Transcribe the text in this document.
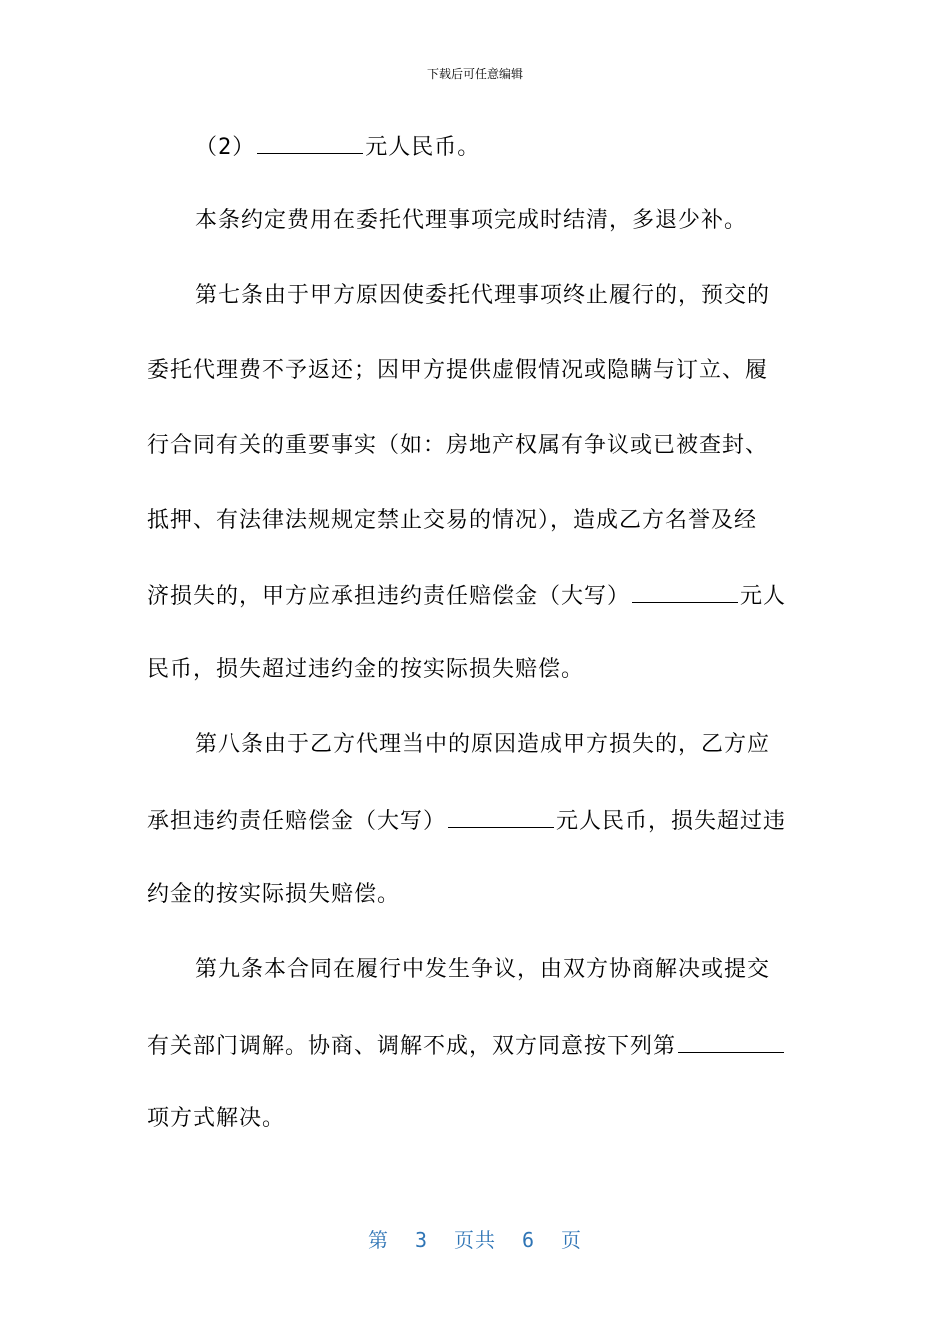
下载后可任意编辑
（2）	元人民币。
本条约定费用在委托代理事项完成时结清，多退少补。
第七条由于甲方原因使委托代理事项终止履行的，预交的
委托代理费不予返还；因甲方提供虚假情况或隐瞒与订立、履
行合同有关的重要事实（如：房地产权属有争议或已被查封、
抵押、有法律法规规定禁止交易的情况），造成乙方名誉及经
济损失的，甲方应承担违约责任赔偿金（大写）	元人
民币，损失超过违约金的按实际损失赔偿。
第八条由于乙方代理当中的原因造成甲方损失的，乙方应
承担违约责任赔偿金（大写）	元人民币，损失超过违
约金的按实际损失赔偿。
第九条本合同在履行中发生争议，由双方协商解决或提交
有关部门调解。协商、调解不成，双方同意按下列第
项方式解决。
第 3 页共 6 页
